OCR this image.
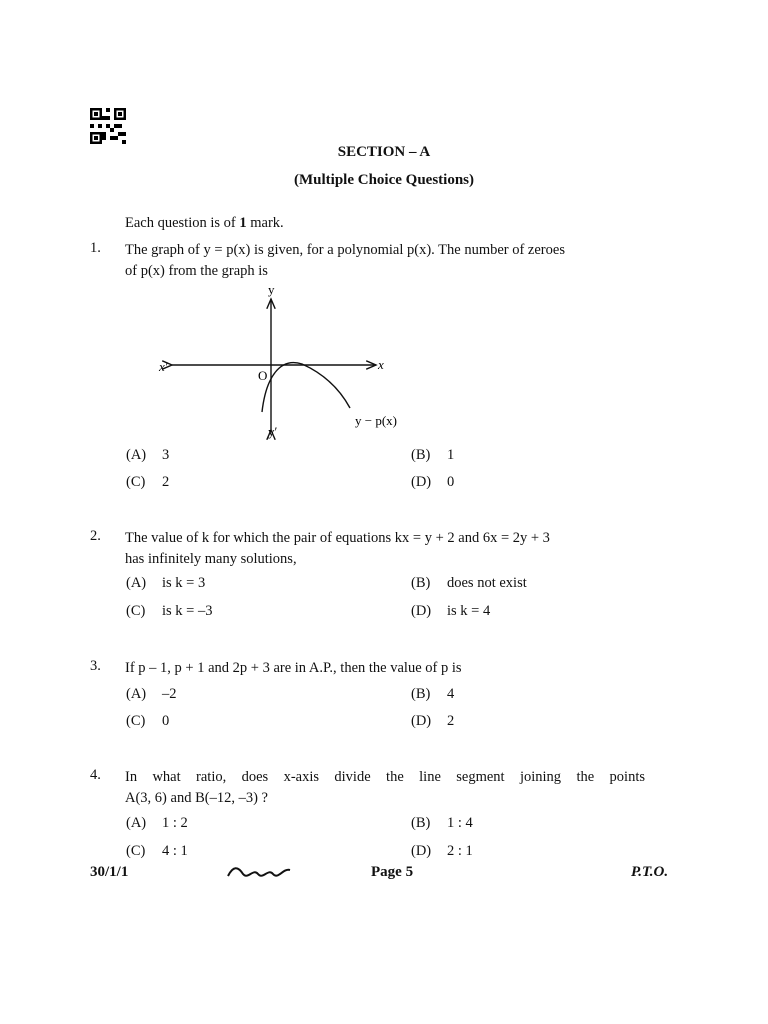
SECTION – A
(Multiple Choice Questions)
Each question is of 1 mark.
1. The graph of y = p(x) is given, for a polynomial p(x). The number of zeroes
of p(x) from the graph is
y
x
x′
O
y′
y − p(x)
(A) 3	(B) 1
(C) 2	(D) 0
2. The value of k for which the pair of equations kx = y + 2 and 6x = 2y + 3
has infinitely many solutions,
(A) is k = 3	(B) does not exist
(C) is k = –3	(D) is k = 4
3. If p – 1, p + 1 and 2p + 3 are in A.P., then the value of p is
(A) –2	(B) 4
(C) 0	(D) 2
4. In what ratio, does x-axis divide the line segment joining the points
A(3, 6) and B(–12, –3) ?
(A) 1 : 2	(B) 1 : 4
(C) 4 : 1	(D) 2 : 1
30/1/1	Page 5	P.T.O.
